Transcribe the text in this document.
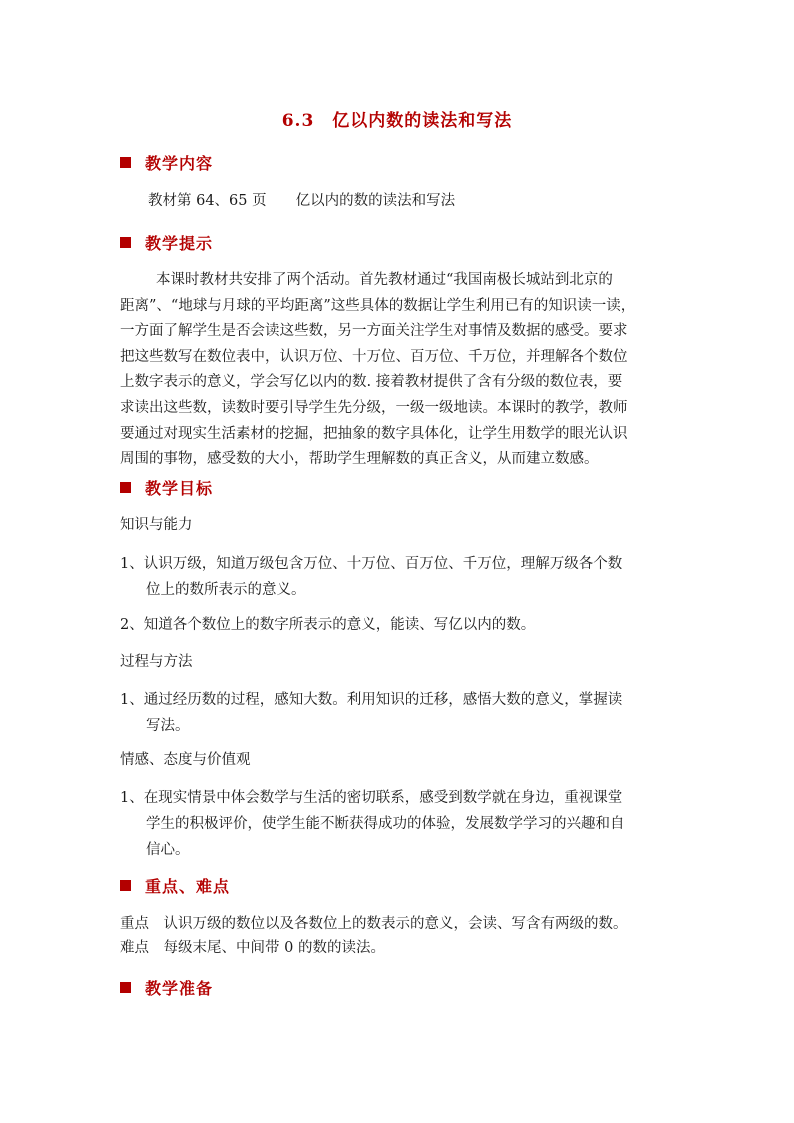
6.3　亿以内数的读法和写法
教学内容
教材第 64、65 页　　亿以内的数的读法和写法
教学提示
本课时教材共安排了两个活动。首先教材通过“我国南极长城站到北京的
距离”、“地球与月球的平均距离”这些具体的数据让学生利用已有的知识读一读，
一方面了解学生是否会读这些数，另一方面关注学生对事情及数据的感受。要求
把这些数写在数位表中，认识万位、十万位、百万位、千万位，并理解各个数位
上数字表示的意义，学会写亿以内的数. 接着教材提供了含有分级的数位表，要
求读出这些数，读数时要引导学生先分级，一级一级地读。本课时的教学，教师
要通过对现实生活素材的挖掘，把抽象的数字具体化，让学生用数学的眼光认识
周围的事物，感受数的大小，帮助学生理解数的真正含义，从而建立数感。
教学目标
知识与能力
1、认识万级，知道万级包含万位、十万位、百万位、千万位，理解万级各个数
位上的数所表示的意义。
2、知道各个数位上的数字所表示的意义，能读、写亿以内的数。
过程与方法
1、通过经历数的过程，感知大数。利用知识的迁移，感悟大数的意义，掌握读
写法。
情感、态度与价值观
1、在现实情景中体会数学与生活的密切联系，感受到数学就在身边，重视课堂
学生的积极评价，使学生能不断获得成功的体验，发展数学学习的兴趣和自
信心。
重点、难点
重点　认识万级的数位以及各数位上的数表示的意义，会读、写含有两级的数。
难点　每级末尾、中间带 0 的数的读法。
教学准备
